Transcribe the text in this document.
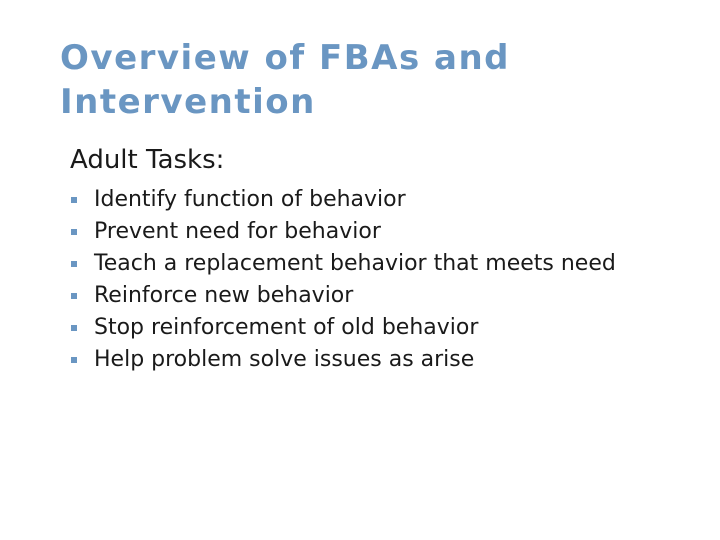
Overview of FBAs and Intervention
Adult Tasks:
Identify function of behavior
Prevent need for behavior
Teach a replacement behavior that meets need
Reinforce new behavior
Stop reinforcement of old behavior
Help problem solve issues as arise
